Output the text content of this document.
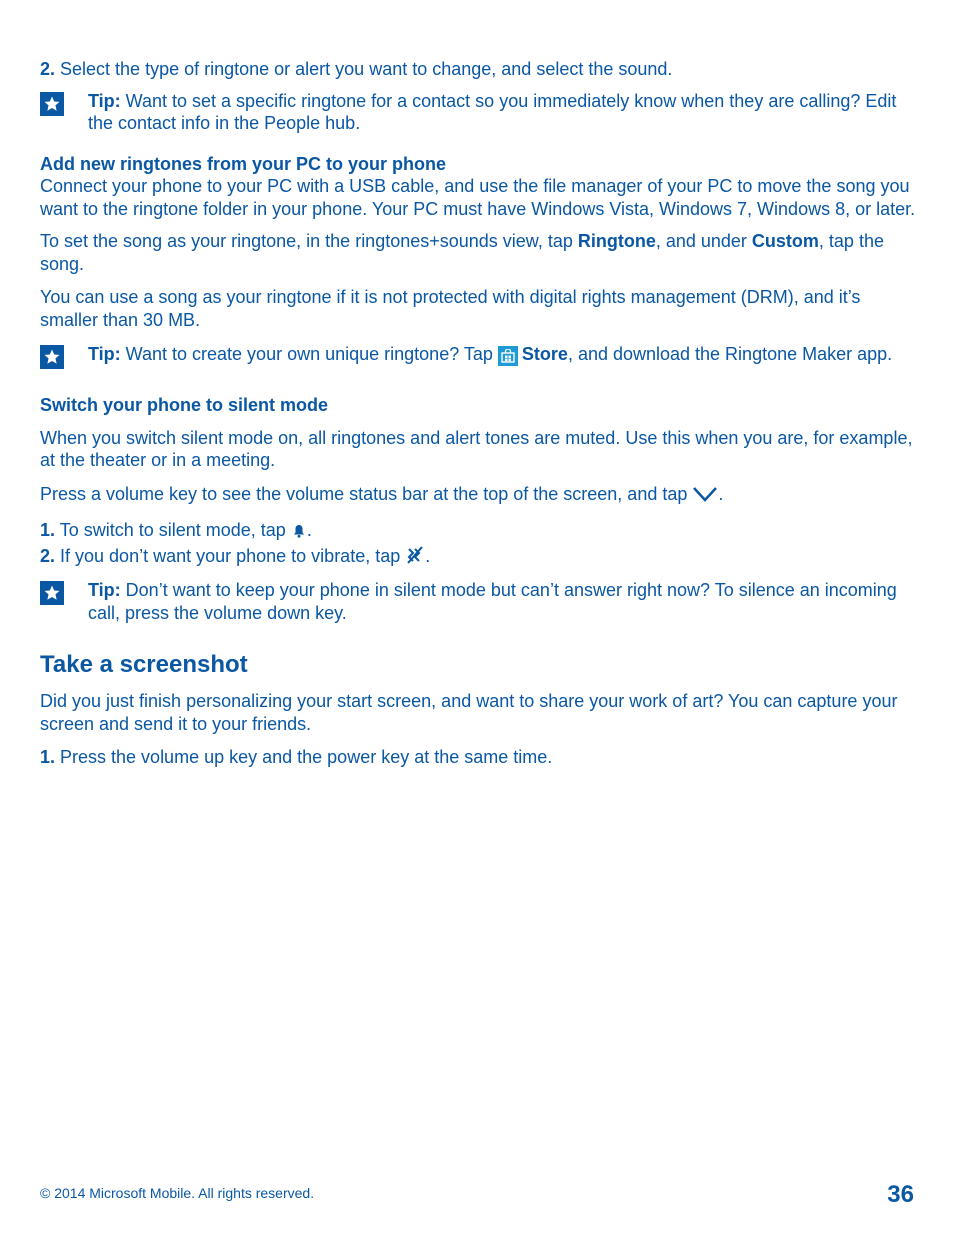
2. Select the type of ringtone or alert you want to change, and select the sound.

Tip: Want to set a specific ringtone for a contact so you immediately know when they are calling? Edit the contact info in the People hub.
Add new ringtones from your PC to your phone

Connect your phone to your PC with a USB cable, and use the file manager of your PC to move the song you want to the ringtone folder in your phone. Your PC must have Windows Vista, Windows 7, Windows 8, or later.

To set the song as your ringtone, in the ringtones+sounds view, tap Ringtone, and under Custom, tap the song.

You can use a song as your ringtone if it is not protected with digital rights management (DRM), and it’s smaller than 30 MB.

Tip: Want to create your own unique ringtone? Tap
Store, and download the Ringtone Maker app.
Switch your phone to silent mode

When you switch silent mode on, all ringtones and alert tones are muted. Use this when you are, for example, at the theater or in a meeting.

Press a volume key to see the volume status bar at the top of the screen, and tap .

1. To switch to silent mode, tap .

2. If you don’t want your phone to vibrate, tap .

Tip: Don’t want to keep your phone in silent mode but can’t answer right now? To silence an incoming call, press the volume down key.
Take a screenshot

Did you just finish personalizing your start screen, and want to share your work of art? You can capture your screen and send it to your friends.

1. Press the volume up key and the power key at the same time.

© 2014 Microsoft Mobile. All rights reserved.	36
